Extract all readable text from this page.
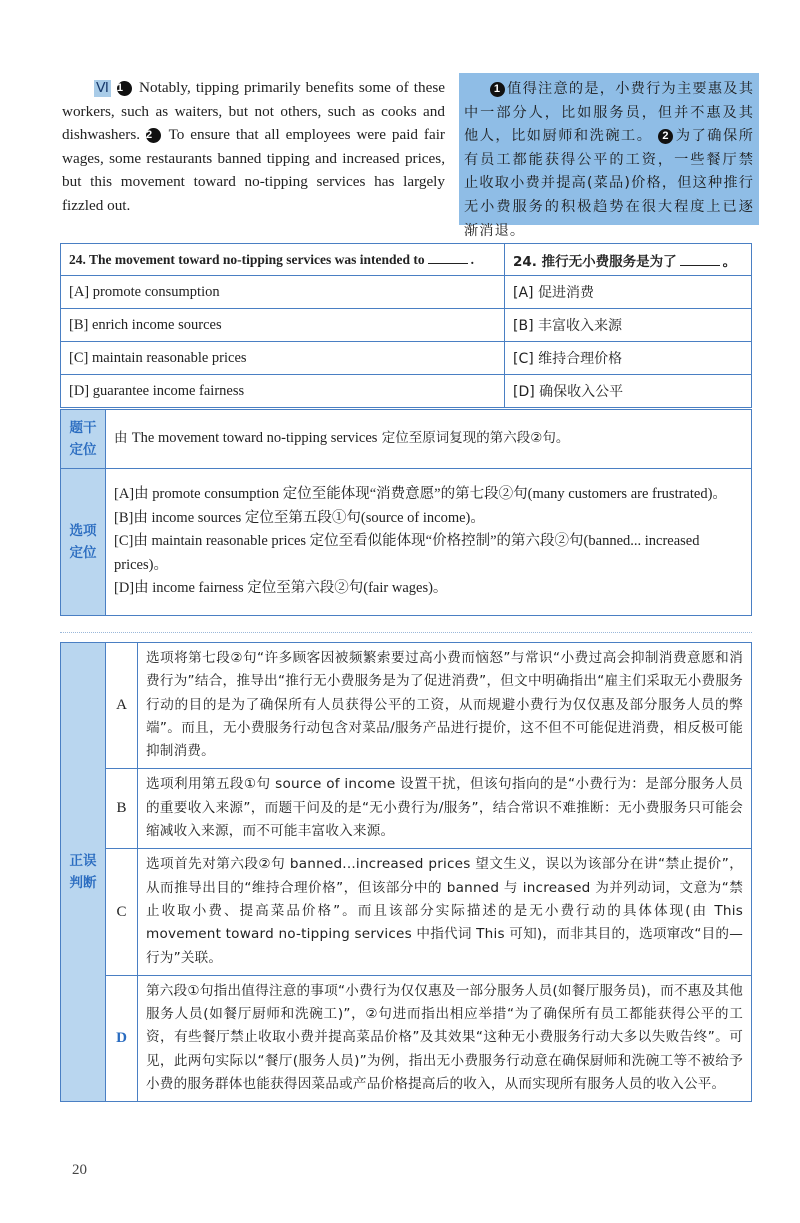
Ⅵ 1 Notably, tipping primarily benefits some of these workers, such as waiters, but not others, such as cooks and dishwashers. 2 To ensure that all employees were paid fair wages, some restaurants banned tipping and increased prices, but this movement toward no-tipping services has largely fizzled out.
1 值得注意的是，小费行为主要惠及其中一部分人，比如服务员，但并不惠及其他人，比如厨师和洗碗工。 2 为了确保所有员工都能获得公平的工资，一些餐厅禁止收取小费并提高(菜品)价格，但这种推行无小费服务的积极趋势在很大程度上已逐渐消退。
24. The movement toward no-tipping services was intended to .	24. 推行无小费服务是为了 。
[A] promote consumption	[A] 促进消费
[B] enrich income sources	[B] 丰富收入来源
[C] maintain reasonable prices	[C] 维持合理价格
[D] guarantee income fairness	[D] 确保收入公平
题干
定位	由 The movement toward no-tipping services 定位至原词复现的第六段②句。

选项
定位

[A]由 promote consumption 定位至能体现“消费意愿”的第七段②句(many customers are frustrated)。
[B]由 income sources 定位至第五段①句(source of income)。
[C]由 maintain reasonable prices 定位至看似能体现“价格控制”的第六段②句(banned... increased prices)。
[D]由 income fairness 定位至第六段②句(fair wages)。
正误
判断	A	选项将第七段②句“许多顾客因被频繁索要过高小费而恼怒”与常识“小费过高会抑制消费意愿和消费行为”结合，推导出“推行无小费服务是为了促进消费”，但文中明确指出“雇主们采取无小费服务行动的目的是为了确保所有人员获得公平的工资，从而规避小费行为仅仅惠及部分服务人员的弊端”。而且，无小费服务行动包含对菜品/服务产品进行提价，这不但不可能促进消费，相反极可能抑制消费。
	B	选项利用第五段①句 source of income 设置干扰，但该句指向的是“小费行为：是部分服务人员的重要收入来源”，而题干问及的是“无小费行为/服务”，结合常识不难推断：无小费服务只可能会缩减收入来源，而不可能丰富收入来源。
	C	选项首先对第六段②句 banned...increased prices 望文生义，误以为该部分在讲“禁止提价”，从而推导出目的“维持合理价格”，但该部分中的 banned 与 increased 为并列动词，文意为“禁止收取小费、提高菜品价格”。而且该部分实际描述的是无小费行动的具体体现(由 This movement toward no-tipping services 中指代词 This 可知)，而非其目的，选项窜改“目的—行为”关联。
	D	第六段①句指出值得注意的事项“小费行为仅仅惠及一部分服务人员(如餐厅服务员)，而不惠及其他服务人员(如餐厅厨师和洗碗工)”，②句进而指出相应举措“为了确保所有员工都能获得公平的工资，有些餐厅禁止收取小费并提高菜品价格”及其效果“这种无小费服务行动大多以失败告终”。可见，此两句实际以“餐厅(服务人员)”为例，指出无小费服务行动意在确保厨师和洗碗工等不被给予小费的服务群体也能获得因菜品或产品价格提高后的收入，从而实现所有服务人员的收入公平。
20
